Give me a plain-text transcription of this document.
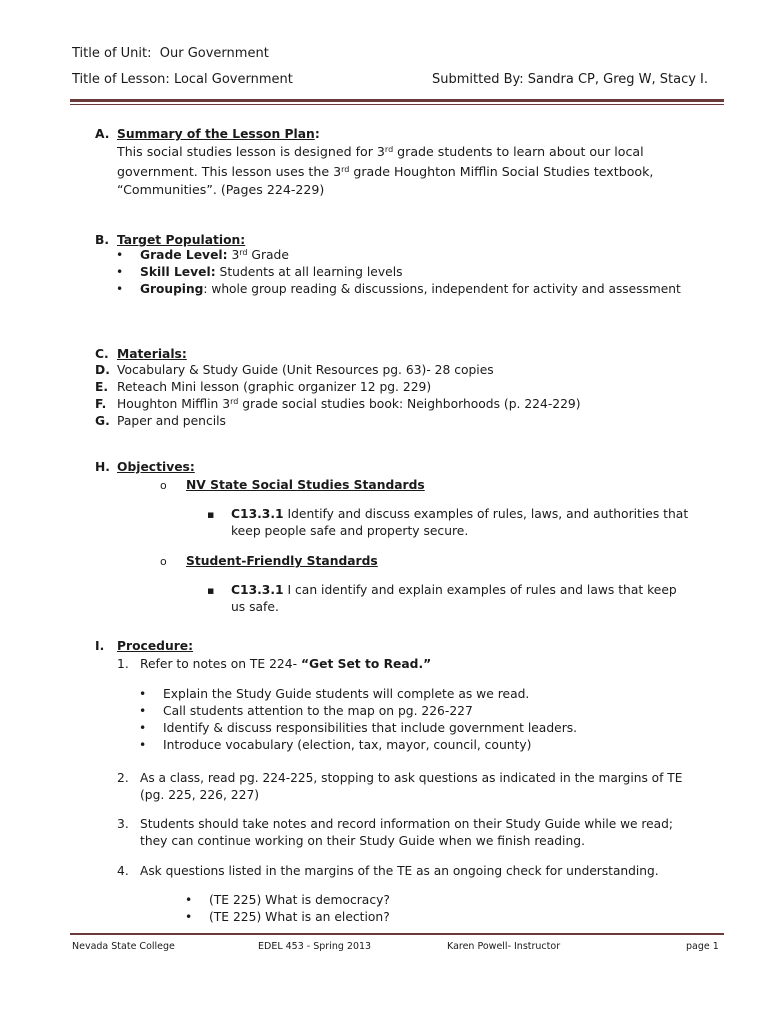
Title of Unit: Our Government
Title of Lesson: Local Government	Submitted By: Sandra CP, Greg W, Stacy I.
A. Summary of the Lesson Plan:
This social studies lesson is designed for 3rd grade students to learn about our local
government. This lesson uses the 3rd grade Houghton Mifflin Social Studies textbook,
“Communities”. (Pages 224-229)
B. Target Population:
• Grade Level: 3rd Grade
• Skill Level: Students at all learning levels
• Grouping: whole group reading & discussions, independent for activity and assessment
C. Materials:
D. Vocabulary & Study Guide (Unit Resources pg. 63)- 28 copies
E. Reteach Mini lesson (graphic organizer 12 pg. 229)
F. Houghton Mifflin 3rd grade social studies book: Neighborhoods (p. 224-229)
G. Paper and pencils
H. Objectives:
o NV State Social Studies Standards
▪ C13.3.1 Identify and discuss examples of rules, laws, and authorities that
keep people safe and property secure.
o Student-Friendly Standards
▪ C13.3.1 I can identify and explain examples of rules and laws that keep
us safe.
I. Procedure:
1. Refer to notes on TE 224- “Get Set to Read.”
• Explain the Study Guide students will complete as we read.
• Call students attention to the map on pg. 226-227
• Identify & discuss responsibilities that include government leaders.
• Introduce vocabulary (election, tax, mayor, council, county)
2. As a class, read pg. 224-225, stopping to ask questions as indicated in the margins of TE
(pg. 225, 226, 227)
3. Students should take notes and record information on their Study Guide while we read;
they can continue working on their Study Guide when we finish reading.
4. Ask questions listed in the margins of the TE as an ongoing check for understanding.
• (TE 225) What is democracy?
• (TE 225) What is an election?
Nevada State College	EDEL 453 - Spring 2013	Karen Powell- Instructor	page 1
